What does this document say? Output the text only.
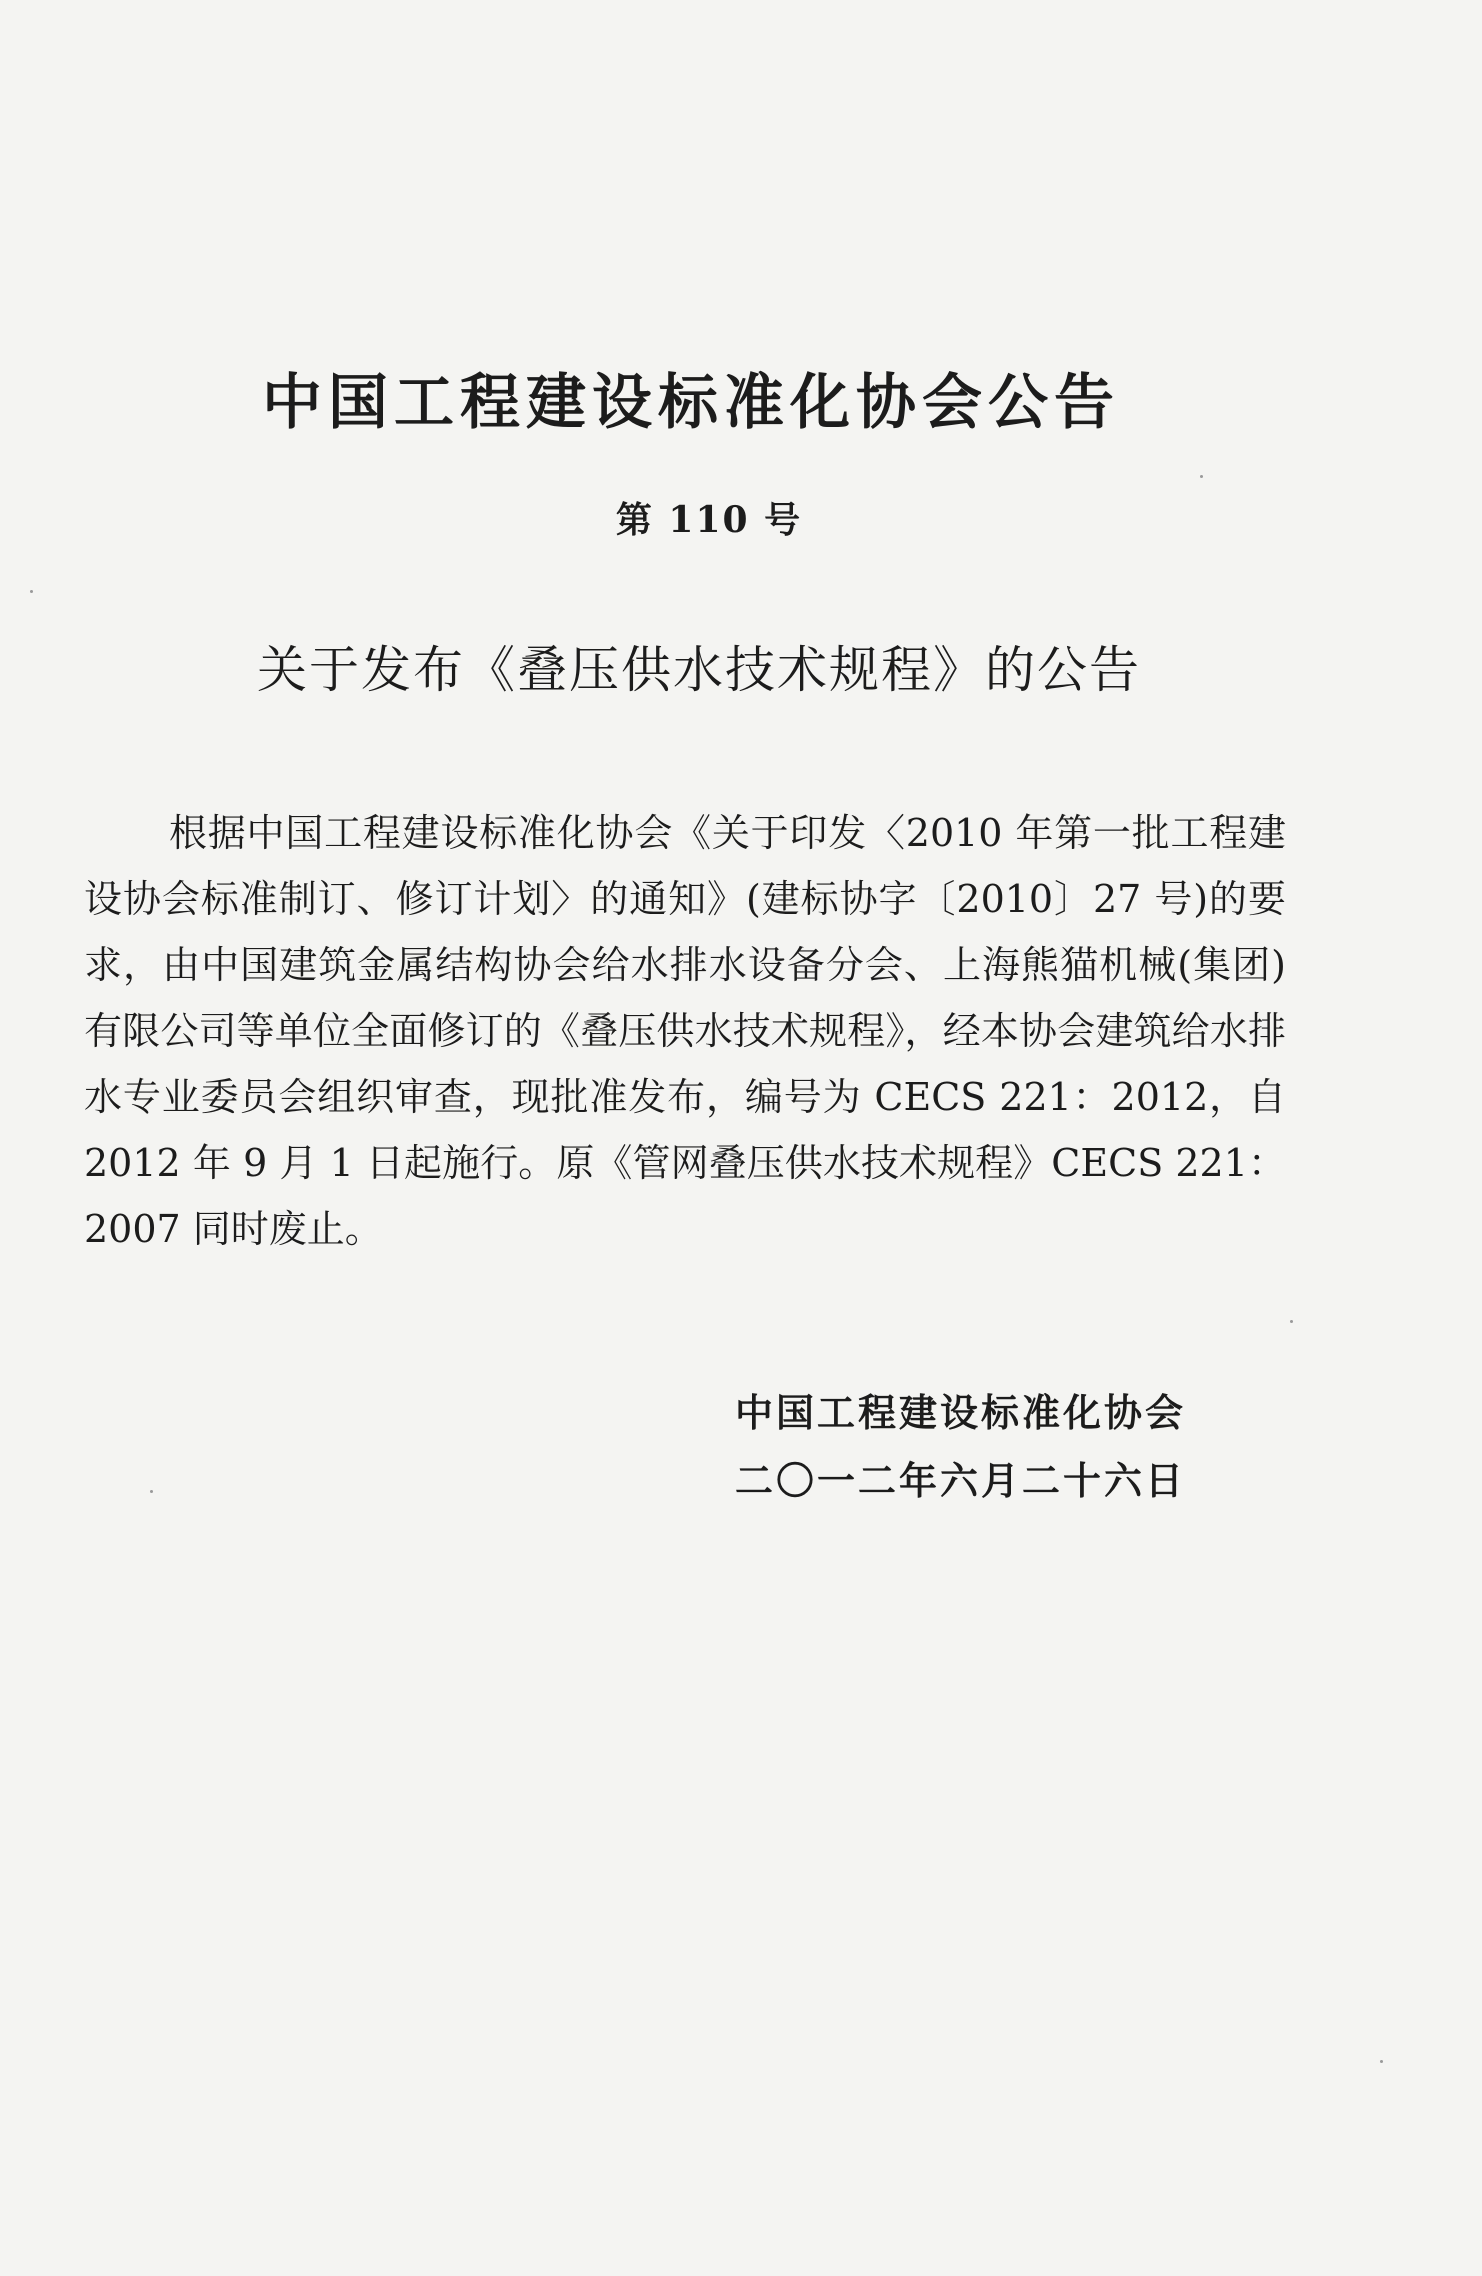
中国工程建设标准化协会公告
第 110 号
关于发布《叠压供水技术规程》的公告

根据中国工程建设标准化协会《关于印发〈2010 年第一批工程建设协会标准制订、修订计划〉的通知》(建标协字〔2010〕27 号)的要求，由中国建筑金属结构协会给水排水设备分会、上海熊猫机械(集团)有限公司等单位全面修订的《叠压供水技术规程》，经本协会建筑给水排水专业委员会组织审查，现批准发布，编号为 CECS 221：2012，自 2012 年 9 月 1 日起施行。原《管网叠压供水技术规程》CECS 221：2007 同时废止。

中国工程建设标准化协会
二〇一二年六月二十六日
